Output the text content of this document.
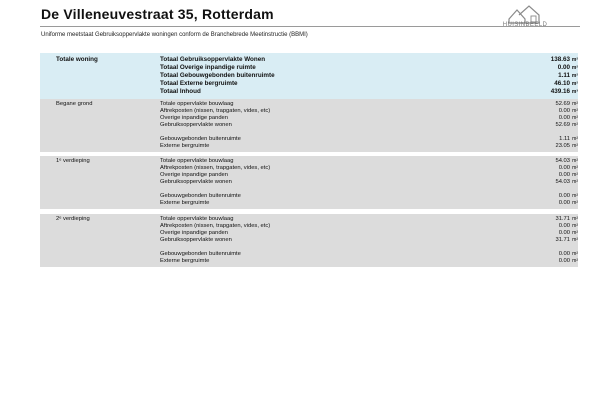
De Villeneuvestraat 35, Rotterdam
HUISINBEELD
Uniforme meetstaat Gebruiksoppervlakte woningen conform de Branchebrede Meetinstructie (BBMI)
Totale woning	Totaal Gebruiksoppervlakte Wonen	138.63 m²
Totaal Overige inpandige ruimte	0.00 m²
Totaal Gebouwgebonden buitenruimte	1.11 m²
Totaal Externe bergruimte	46.10 m²
Totaal Inhoud	439.16 m³
Begane grond	Totale oppervlakte bouwlaag	52.69 m²
Aftrekposten (nissen, trapgaten, vides, etc)	0.00 m²
Overige inpandige panden	0.00 m²
Gebruiksoppervlakte wonen	52.69 m²
Gebouwgebonden buitenruimte	1.11 m²
Externe bergruimte	23.05 m²
1ᵉ verdieping	Totale oppervlakte bouwlaag	54.03 m²
Aftrekposten (nissen, trapgaten, vides, etc)	0.00 m²
Overige inpandige panden	0.00 m²
Gebruiksoppervlakte wonen	54.03 m²
Gebouwgebonden buitenruimte	0.00 m²
Externe bergruimte	0.00 m²
2ᵉ verdieping	Totale oppervlakte bouwlaag	31.71 m²
Aftrekposten (nissen, trapgaten, vides, etc)	0.00 m²
Overige inpandige panden	0.00 m²
Gebruiksoppervlakte wonen	31.71 m²
Gebouwgebonden buitenruimte	0.00 m²
Externe bergruimte	0.00 m²
